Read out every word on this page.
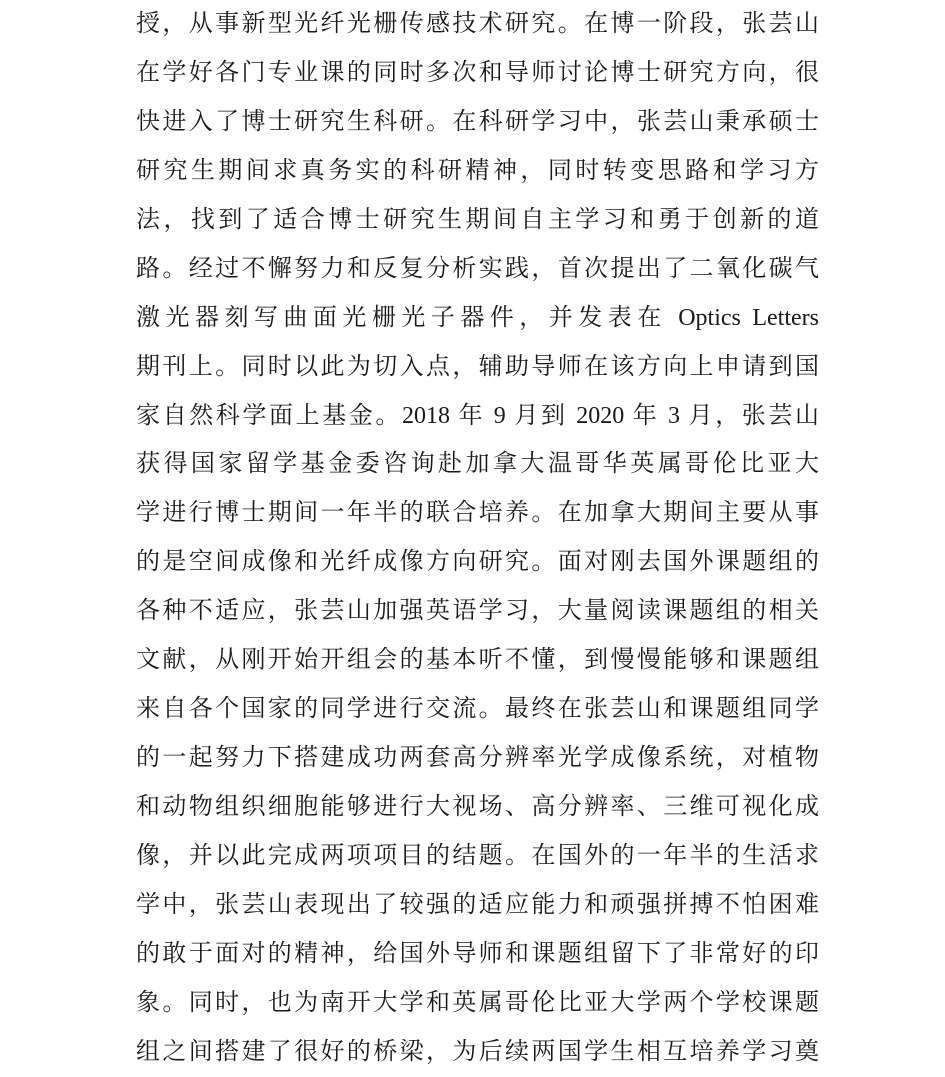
授，从事新型光纤光栅传感技术研究。在博一阶段，张芸山
在学好各门专业课的同时多次和导师讨论博士研究方向，很
快进入了博士研究生科研。在科研学习中，张芸山秉承硕士
研究生期间求真务实的科研精神，同时转变思路和学习方
法，找到了适合博士研究生期间自主学习和勇于创新的道
路。经过不懈努力和反复分析实践，首次提出了二氧化碳气
激光器刻写曲面光栅光子器件，并发表在 Optics Letters
期刊上。同时以此为切入点，辅助导师在该方向上申请到国
家自然科学面上基金。2018 年 9 月到 2020 年 3 月，张芸山
获得国家留学基金委咨询赴加拿大温哥华英属哥伦比亚大
学进行博士期间一年半的联合培养。在加拿大期间主要从事
的是空间成像和光纤成像方向研究。面对刚去国外课题组的
各种不适应，张芸山加强英语学习，大量阅读课题组的相关
文献，从刚开始开组会的基本听不懂，到慢慢能够和课题组
来自各个国家的同学进行交流。最终在张芸山和课题组同学
的一起努力下搭建成功两套高分辨率光学成像系统，对植物
和动物组织细胞能够进行大视场、高分辨率、三维可视化成
像，并以此完成两项项目的结题。在国外的一年半的生活求
学中，张芸山表现出了较强的适应能力和顽强拼搏不怕困难
的敢于面对的精神，给国外导师和课题组留下了非常好的印
象。同时，也为南开大学和英属哥伦比亚大学两个学校课题
组之间搭建了很好的桥梁，为后续两国学生相互培养学习奠
